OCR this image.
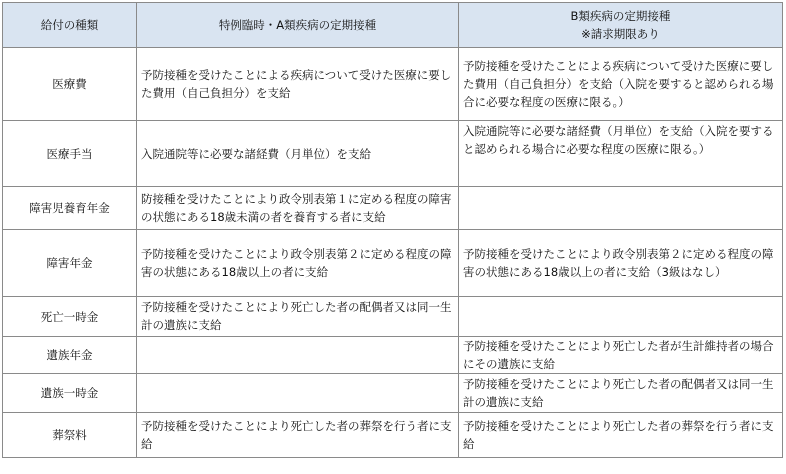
給付の種類	特例臨時・A類疾病の定期接種	B類疾病の定期接種
※請求期限あり

医療費	予防接種を受けたことによる疾病について受けた医療に要した費用（自己負担分）を支給	予防接種を受けたことによる疾病について受けた医療に要した費用（自己負担分）を支給（入院を要すると認められる場合に必要な程度の医療に限る。）
医療手当	入院通院等に必要な諸経費（月単位）を支給	入院通院等に必要な諸経費（月単位）を支給（入院を要すると認められる場合に必要な程度の医療に限る。）
障害児養育年金	防接種を受けたことにより政令別表第１に定める程度の障害の状態にある18歳未満の者を養育する者に支給	
障害年金	予防接種を受けたことにより政令別表第２に定める程度の障害の状態にある18歳以上の者に支給	予防接種を受けたことにより政令別表第２に定める程度の障害の状態にある18歳以上の者に支給（3級はなし）
死亡一時金	予防接種を受けたことにより死亡した者の配偶者又は同一生計の遺族に支給	
遺族年金		予防接種を受けたことにより死亡した者が生計維持者の場合にその遺族に支給
遺族一時金		予防接種を受けたことにより死亡した者の配偶者又は同一生計の遺族に支給
葬祭料	予防接種を受けたことにより死亡した者の葬祭を行う者に支給	予防接種を受けたことにより死亡した者の葬祭を行う者に支給
